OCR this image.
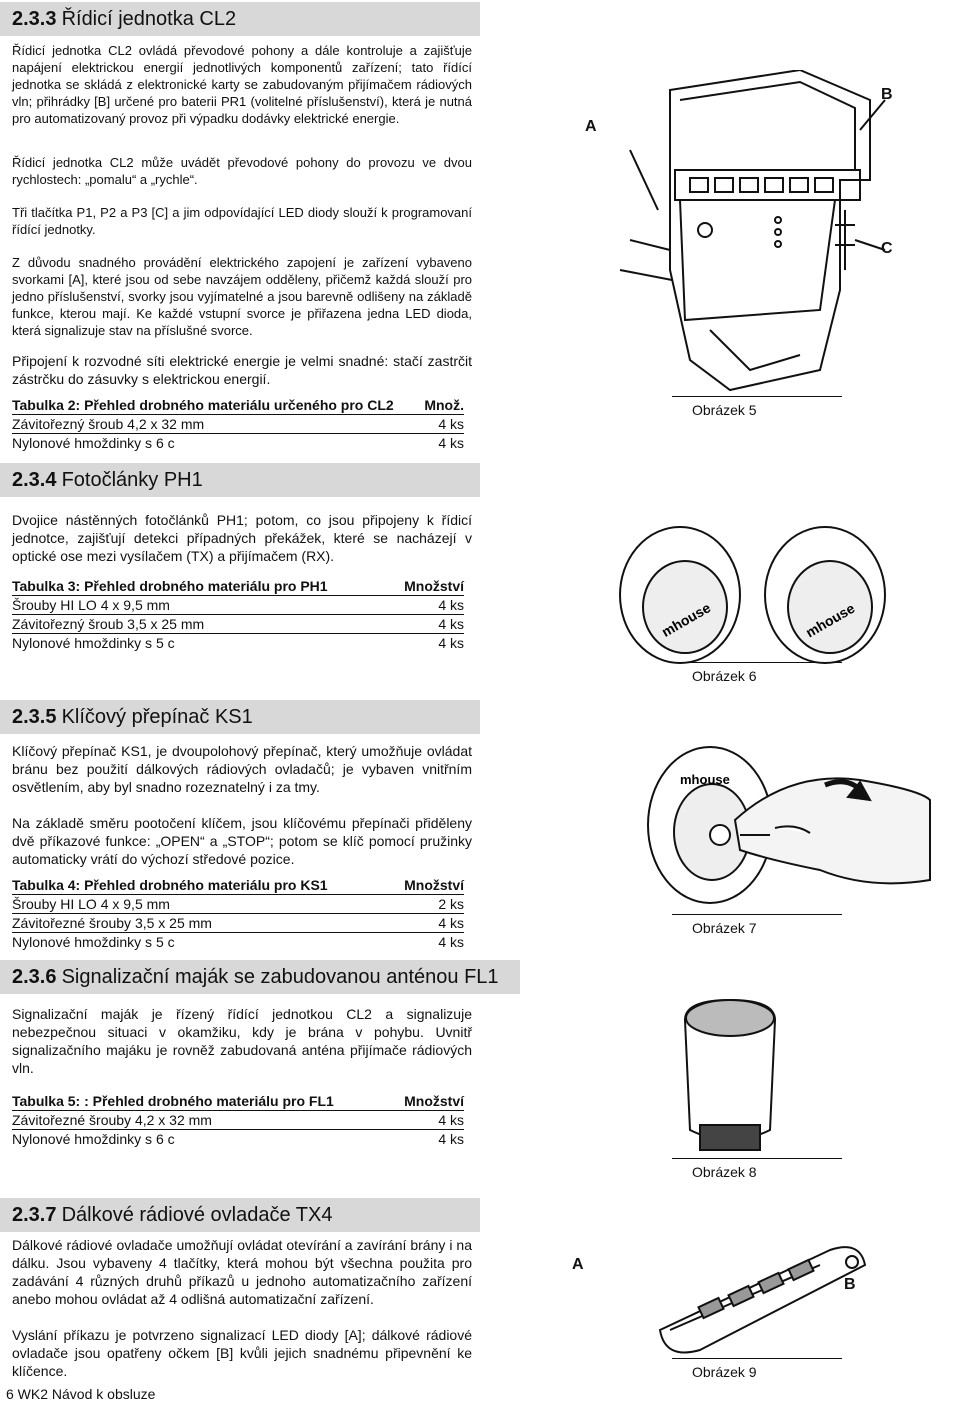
2.3.3 Řídicí jednotka CL2

Řídicí jednotka CL2 ovládá převodové pohony a dále kontroluje a zajišťuje napájení elektrickou energií jednotlivých komponentů zařízení; tato řídící jednotka se skládá z elektronické karty se zabudovaným přijímačem rádiových vln; přihrádky [B] určené pro baterii PR1 (volitelné příslušenství), která je nutná pro automatizovaný provoz při výpadku dodávky elektrické energie.

Řídicí jednotka CL2 může uvádět převodové pohony do provozu ve dvou rychlostech: „pomalu“ a „rychle“.

Tři tlačítka P1, P2 a P3 [C] a jim odpovídající LED diody slouží k programovaní řídící jednotky.

Z důvodu snadného provádění elektrického zapojení je zařízení vybaveno svorkami [A], které jsou od sebe navzájem odděleny, přičemž každá slouží pro jedno příslušenství, svorky jsou vyjímatelné a jsou barevně odlišeny na základě funkce, kterou mají. Ke každé vstupní svorce je přiřazena jedna LED dioda, která signalizuje stav na příslušné svorce.

Připojení k rozvodné síti elektrické energie je velmi snadné: stačí zastrčit zástrčku do zásuvky s elektrickou energií.

Tabulka 2: Přehled drobného materiálu určeného pro CL2 Množ.
Závitořezný šroub 4,2 x 32 mm	4 ks
Nylonové hmoždinky s 6 c	4 ks
A
B
C
Obrázek 5
2.3.4 Fotočlánky PH1

Dvojice nástěnných fotočlánků PH1; potom, co jsou připojeny k řídicí jednotce, zajišťují detekci případných překážek, které se nacházejí v optické ose mezi vysílačem (TX) a přijímačem (RX).

Tabulka 3: Přehled drobného materiálu pro PH1	Množství
Šrouby HI LO 4 x 9,5 mm	4 ks
Závitořezný šroub 3,5 x 25 mm	4 ks
Nylonové hmoždinky s 5 c	4 ks
mhouse	mhouse
Obrázek 6
2.3.5 Klíčový přepínač KS1

Klíčový přepínač KS1, je dvoupolohový přepínač, který umožňuje ovládat bránu bez použití dálkových rádiových ovladačů; je vybaven vnitřním osvětlením, aby byl snadno rozeznatelný i za tmy.

Na základě směru pootočení klíčem, jsou klíčovému přepínači přiděleny dvě příkazové funkce: „OPEN“ a „STOP“; potom se klíč pomocí pružinky automaticky vrátí do výchozí středové pozice.

Tabulka 4: Přehled drobného materiálu pro KS1	Množství
Šrouby HI LO 4 x 9,5 mm	2 ks
Závitořezné šrouby 3,5 x 25 mm	4 ks
Nylonové hmoždinky s 5 c	4 ks
mhouse
Obrázek 7
2.3.6 Signalizační maják se zabudovanou anténou FL1

Signalizační maják je řízený řídící jednotkou CL2 a signalizuje nebezpečnou situaci v okamžiku, kdy je brána v pohybu. Uvnitř signalizačního majáku je rovněž zabudovaná anténa přijímače rádiových vln.

Tabulka 5: : Přehled drobného materiálu pro FL1	Množství
Závitořezné šrouby 4,2 x 32 mm	4 ks
Nylonové hmoždinky s 6 c	4 ks
Obrázek 8
2.3.7 Dálkové rádiové ovladače TX4

Dálkové rádiové ovladače umožňují ovládat otevírání a zavírání brány i na dálku. Jsou vybaveny 4 tlačítky, která mohou být všechna použita pro zadávání 4 různých druhů příkazů u jednoho automatizačního zařízení anebo mohou ovládat až 4 odlišná automatizační zařízení.

Vyslání příkazu je potvrzeno signalizací LED diody [A]; dálkové rádiové ovladače jsou opatřeny očkem [B] kvůli jejich snadnému připevnění ke klíčence.

A
B
Obrázek 9
6 WK2 Návod k obsluze
